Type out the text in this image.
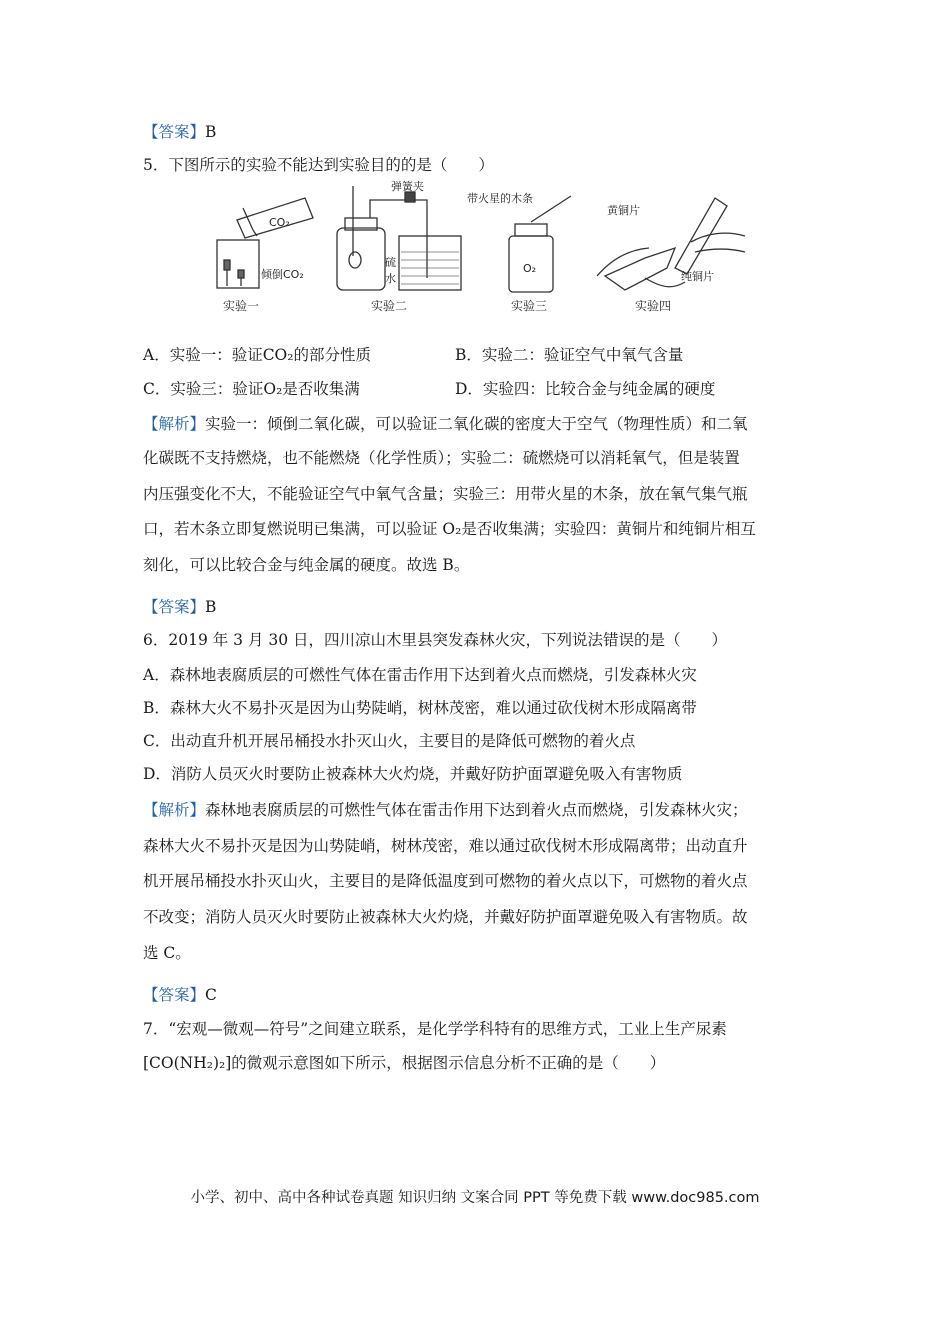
【答案】B
5．下图所示的实验不能达到实验目的的是（　　）
CO₂
倾倒CO₂
弹簧夹
硫
水
带火星的木条
O₂
黄铜片
纯铜片
实验一	实验二	实验三	实验四
A．实验一：验证CO₂的部分性质	B．实验二：验证空气中氧气含量
C．实验三：验证O₂是否收集满	D．实验四：比较合金与纯金属的硬度
【解析】实验一：倾倒二氧化碳，可以验证二氧化碳的密度大于空气（物理性质）和二氧
化碳既不支持燃烧，也不能燃烧（化学性质）；实验二：硫燃烧可以消耗氧气，但是装置
内压强变化不大，不能验证空气中氧气含量；实验三：用带火星的木条，放在氧气集气瓶
口，若木条立即复燃说明已集满，可以验证 O₂是否收集满；实验四：黄铜片和纯铜片相互
刻化，可以比较合金与纯金属的硬度。故选 B。
【答案】B
6．2019 年 3 月 30 日，四川凉山木里县突发森林火灾，下列说法错误的是（　　）
A．森林地表腐质层的可燃性气体在雷击作用下达到着火点而燃烧，引发森林火灾
B．森林大火不易扑灭是因为山势陡峭，树林茂密，难以通过砍伐树木形成隔离带
C．出动直升机开展吊桶投水扑灭山火，主要目的是降低可燃物的着火点
D．消防人员灭火时要防止被森林大火灼烧，并戴好防护面罩避免吸入有害物质
【解析】森林地表腐质层的可燃性气体在雷击作用下达到着火点而燃烧，引发森林火灾；
森林大火不易扑灭是因为山势陡峭，树林茂密，难以通过砍伐树木形成隔离带；出动直升
机开展吊桶投水扑灭山火，主要目的是降低温度到可燃物的着火点以下，可燃物的着火点
不改变；消防人员灭火时要防止被森林大火灼烧，并戴好防护面罩避免吸入有害物质。故
选 C。
【答案】C
7．“宏观—微观—符号”之间建立联系，是化学学科特有的思维方式，工业上生产尿素
[CO(NH₂)₂]的微观示意图如下所示，根据图示信息分析不正确的是（　　）
小学、初中、高中各种试卷真题 知识归纳 文案合同 PPT 等免费下载 www.doc985.com
